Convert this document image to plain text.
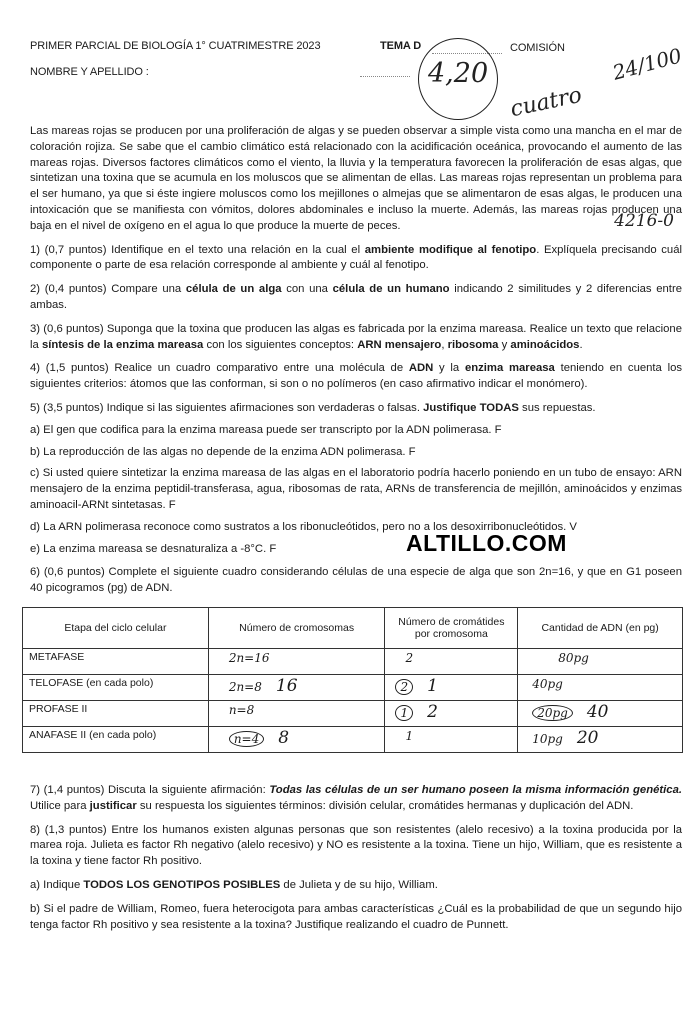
PRIMER PARCIAL DE BIOLOGÍA 1° CUATRIMESTRE 2023	TEMA D	COMISIÓN
NOMBRE Y APELLIDO :	4,20
cuatro
24/100
Las mareas rojas se producen por una proliferación de algas y se pueden observar a simple vista como una mancha en el mar de coloración rojiza. Se sabe que el cambio climático está relacionado con la acidificación oceánica, provocando el aumento de las mareas rojas. Diversos factores climáticos como el viento, la lluvia y la temperatura favorecen la proliferación de esas algas, que sintetizan una toxina que se acumula en los moluscos que se alimentan de ellas. Las mareas rojas representan un problema para el ser humano, ya que si éste ingiere moluscos como los mejillones o almejas que se alimentaron de esas algas, le producen una intoxicación que se manifiesta con vómitos, dolores abdominales e incluso la muerte. Además, las mareas rojas producen una baja en el nivel de oxígeno en el agua lo que produce la muerte de peces.	4216-0
1) (0,7 puntos) Identifique en el texto una relación en la cual el ambiente modifique al fenotipo. Explíquela precisando cuál componente o parte de esa relación corresponde al ambiente y cuál al fenotipo.
2) (0,4 puntos) Compare una célula de un alga con una célula de un humano indicando 2 similitudes y 2 diferencias entre ambas.
3) (0,6 puntos) Suponga que la toxina que producen las algas es fabricada por la enzima mareasa. Realice un texto que relacione la síntesis de la enzima mareasa con los siguientes conceptos: ARN mensajero, ribosoma y aminoácidos.
4) (1,5 puntos) Realice un cuadro comparativo entre una molécula de ADN y la enzima mareasa teniendo en cuenta los siguientes criterios: átomos que las conforman, si son o no polímeros (en caso afirmativo indicar el monómero).
5) (3,5 puntos) Indique si las siguientes afirmaciones son verdaderas o falsas. Justifique TODAS sus repuestas.
a) El gen que codifica para la enzima mareasa puede ser transcripto por la ADN polimerasa. F
b) La reproducción de las algas no depende de la enzima ADN polimerasa. F
c) Si usted quiere sintetizar la enzima mareasa de las algas en el laboratorio podría hacerlo poniendo en un tubo de ensayo: ARN mensajero de la enzima peptidil-transferasa, agua, ribosomas de rata, ARNs de transferencia de mejillón, aminoácidos y enzimas aminoacil-ARNt sintetasas. F
d) La ARN polimerasa reconoce como sustratos a los ribonucleótidos, pero no a los desoxirribonucleótidos. V
e) La enzima mareasa se desnaturaliza a -8°C. F	ALTILLO.COM
6) (0,6 puntos) Complete el siguiente cuadro considerando células de una especie de alga que son 2n=16, y que en G1 poseen 40 picogramos (pg) de ADN.
Etapa del ciclo celular	Número de cromosomas	Número de cromátides por cromosoma	Cantidad de ADN (en pg)
METAFASE	2n=16	2	80pg
TELOFASE (en cada polo)	2n=8 16	2 1	40pg
PROFASE II	n=8	1 2	20pg 40
ANAFASE II (en cada polo)	n=4 8	1	10pg 20
7) (1,4 puntos) Discuta la siguiente afirmación: Todas las células de un ser humano poseen la misma información genética. Utilice para justificar su respuesta los siguientes términos: división celular, cromátides hermanas y duplicación del ADN.
8) (1,3 puntos) Entre los humanos existen algunas personas que son resistentes (alelo recesivo) a la toxina producida por la marea roja. Julieta es factor Rh negativo (alelo recesivo) y NO es resistente a la toxina. Tiene un hijo, William, que es resistente a la toxina y tiene factor Rh positivo.
a) Indique TODOS LOS GENOTIPOS POSIBLES de Julieta y de su hijo, William.
b) Si el padre de William, Romeo, fuera heterocigota para ambas características ¿Cuál es la probabilidad de que un segundo hijo tenga factor Rh positivo y sea resistente a la toxina? Justifique realizando el cuadro de Punnett.
